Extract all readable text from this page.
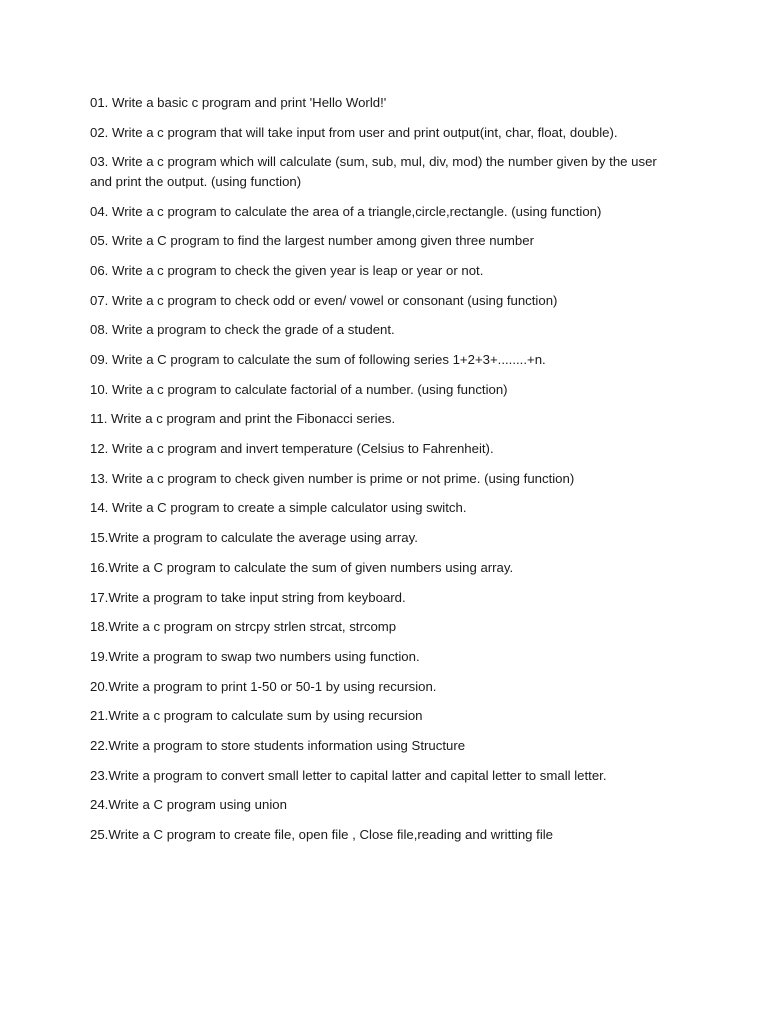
01. Write a basic c program and print 'Hello World!'
02. Write a c program that will take input from user and print output(int, char, float, double).
03. Write a c program which will calculate (sum, sub, mul, div, mod) the number given by the user and print the output. (using function)
04. Write a c program to calculate the area of a triangle,circle,rectangle. (using function)
05. Write a C program to find the largest number among given three number
06. Write a c program to check the given year is leap or year or not.
07. Write a c program to check odd or even/ vowel or consonant (using function)
08. Write a program to check the grade of a student.
09. Write a C program to calculate the sum of following series 1+2+3+........+n.
10. Write a c program to calculate factorial of a number. (using function)
11. Write a c program and print the Fibonacci series.
12. Write a c program and invert temperature (Celsius to Fahrenheit).
13. Write a c program to check given number is prime or not prime. (using function)
14. Write a C program to create a simple calculator using switch.
15.Write a program to calculate the average using array.
16.Write a C program to calculate the sum of given numbers using array.
17.Write a program to take input string from keyboard.
18.Write a c program on strcpy strlen strcat, strcomp
19.Write a program to swap two numbers using function.
20.Write a program to print 1-50 or 50-1 by using recursion.
21.Write a c program to calculate sum by using recursion
22.Write a program to store students information using Structure
23.Write a program to convert small letter to capital latter and capital letter to small letter.
24.Write a C program using union
25.Write a C program to create file, open file , Close file,reading and writting file
